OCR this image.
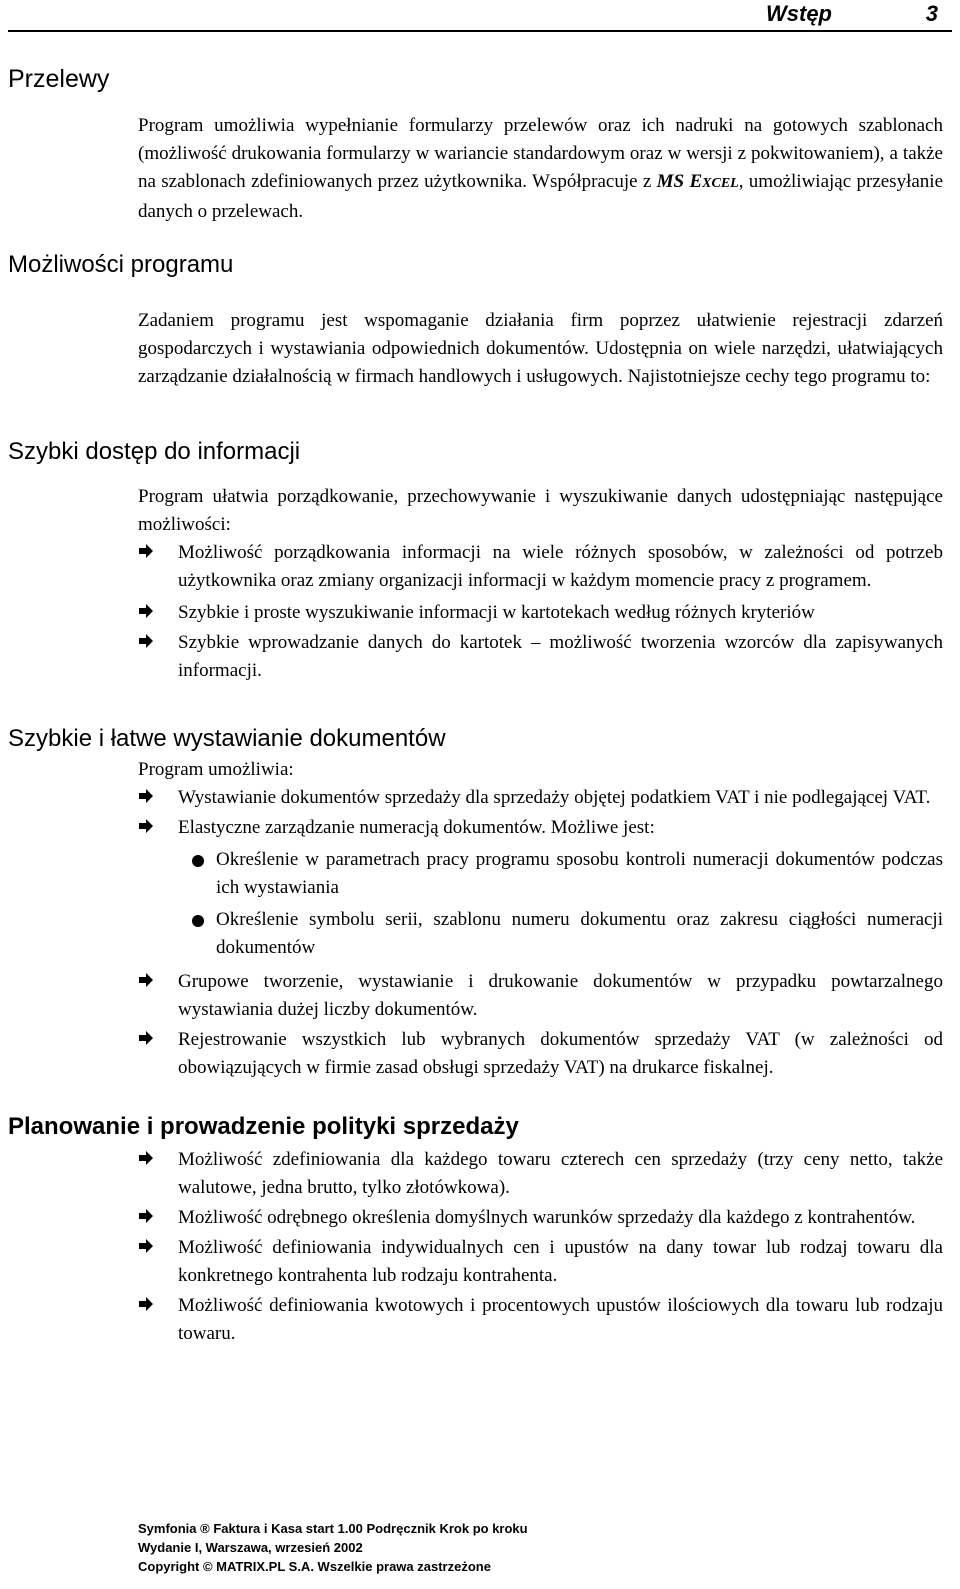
Wstęp	3
Przelewy

Program umożliwia wypełnianie formularzy przelewów oraz ich nadruki na gotowych szablonach (możliwość drukowania formularzy w wariancie standardowym oraz w wersji z pokwitowaniem), a także na szablonach zdefiniowanych przez użytkownika. Współpracuje z MS EXCEL, umożliwiając przesyłanie danych o przelewach.

Możliwości programu

Zadaniem programu jest wspomaganie działania firm poprzez ułatwienie rejestracji zdarzeń gospodarczych i wystawiania odpowiednich dokumentów. Udostępnia on wiele narzędzi, ułatwiających zarządzanie działalnością w firmach handlowych i usługowych. Najistotniejsze cechy tego programu to:

Szybki dostęp do informacji

Program ułatwia porządkowanie, przechowywanie i wyszukiwanie danych udostępniając następujące możliwości:

Możliwość porządkowania informacji na wiele różnych sposobów, w zależności od potrzeb użytkownika oraz zmiany organizacji informacji w każdym momencie pracy z programem.
Szybkie i proste wyszukiwanie informacji w kartotekach według różnych kryteriów
Szybkie wprowadzanie danych do kartotek – możliwość tworzenia wzorców dla zapisywanych informacji.
Szybkie i łatwe wystawianie dokumentów

Program umożliwia:

Wystawianie dokumentów sprzedaży dla sprzedaży objętej podatkiem VAT i nie podlegającej VAT.
Elastyczne zarządzanie numeracją dokumentów. Możliwe jest:
Określenie w parametrach pracy programu sposobu kontroli numeracji dokumentów podczas ich wystawiania
Określenie symbolu serii, szablonu numeru dokumentu oraz zakresu ciągłości numeracji dokumentów
Grupowe tworzenie, wystawianie i drukowanie dokumentów w przypadku powtarzalnego wystawiania dużej liczby dokumentów.
Rejestrowanie wszystkich lub wybranych dokumentów sprzedaży VAT (w zależności od obowiązujących w firmie zasad obsługi sprzedaży VAT) na drukarce fiskalnej.
Planowanie i prowadzenie polityki sprzedaży
Możliwość zdefiniowania dla każdego towaru czterech cen sprzedaży (trzy ceny netto, także walutowe, jedna brutto, tylko złotówkowa).
Możliwość odrębnego określenia domyślnych warunków sprzedaży dla każdego z kontrahentów.
Możliwość definiowania indywidualnych cen i upustów na dany towar lub rodzaj towaru dla konkretnego kontrahenta lub rodzaju kontrahenta.
Możliwość definiowania kwotowych i procentowych upustów ilościowych dla towaru lub rodzaju towaru.
Symfonia ® Faktura i Kasa start 1.00 Podręcznik Krok po kroku
Wydanie I, Warszawa, wrzesień 2002
Copyright © MATRIX.PL S.A. Wszelkie prawa zastrzeżone
